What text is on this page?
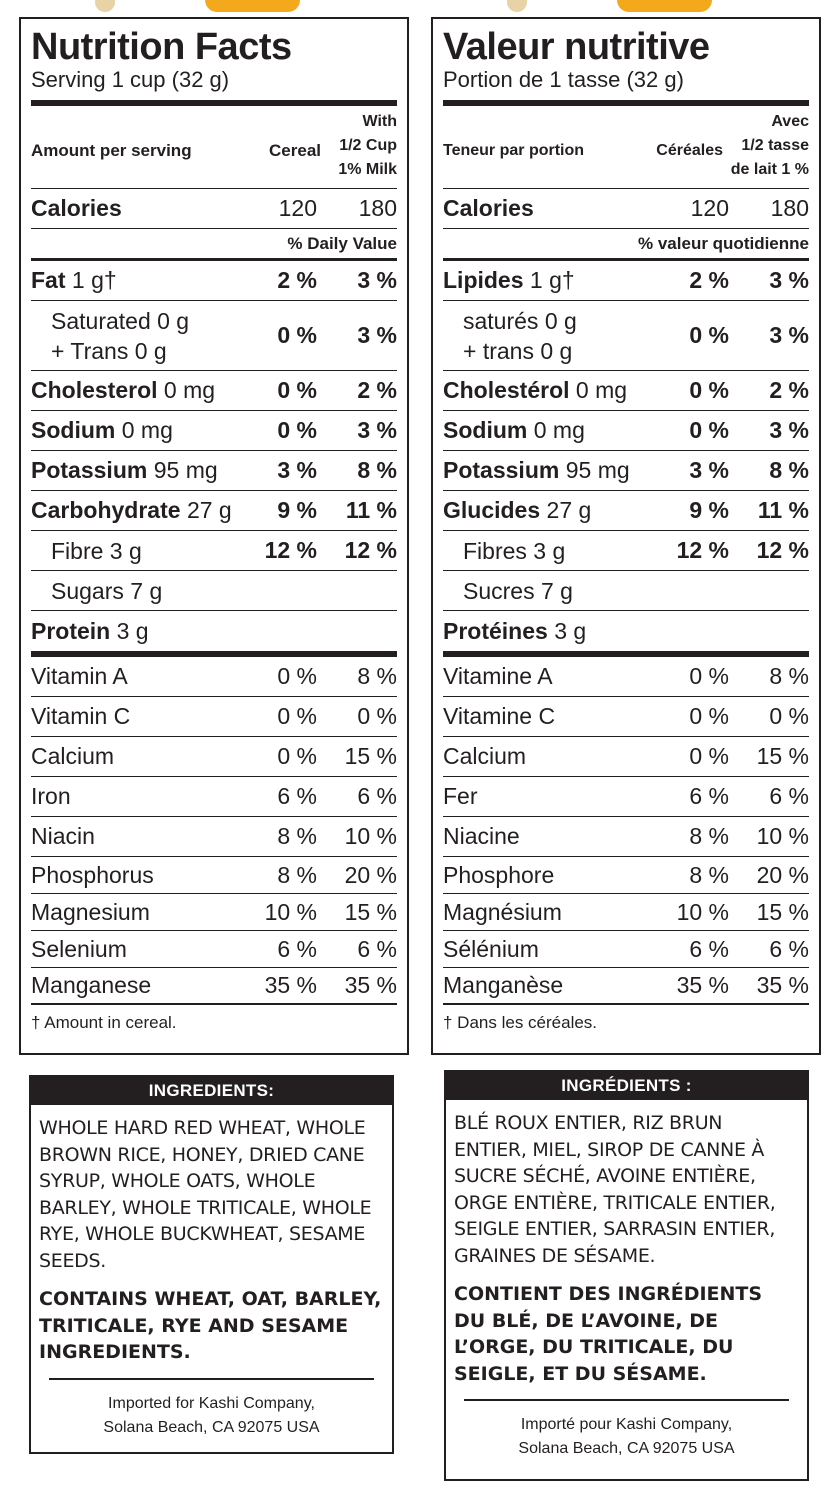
Nutrition Facts
Serving 1 cup (32 g)
Amount per serving	Cereal
With
1/2 Cup
1% Milk
Calories	120	180
% Daily Value
Fat 1 g†	2 %	3 %
Saturated 0 g
+ Trans 0 g
0 %	3 %
Cholesterol 0 mg	0 %	2 %
Sodium 0 mg	0 %	3 %
Potassium 95 mg	3 %	8 %
Carbohydrate 27 g	9 %	11 %
Fibre 3 g	12 %	12 %
Sugars 7 g
Protein 3 g
Vitamin A	0 %	8 %
Vitamin C	0 %	0 %
Calcium	0 %	15 %
Iron	6 %	6 %
Niacin	8 %	10 %
Phosphorus	8 %	20 %
Magnesium	10 %	15 %
Selenium	6 %	6 %
Manganese	35 %	35 %
† Amount in cereal.
Valeur nutritive
Portion de 1 tasse (32 g)
Teneur par portion	Céréales
Avec
1/2 tasse
de lait 1 %
Calories	120	180
% valeur quotidienne
Lipides 1 g†	2 %	3 %
saturés 0 g
+ trans 0 g
0 %	3 %
Cholestérol 0 mg	0 %	2 %
Sodium 0 mg	0 %	3 %
Potassium 95 mg	3 %	8 %
Glucides 27 g	9 %	11 %
Fibres 3 g	12 %	12 %
Sucres 7 g
Protéines 3 g
Vitamine A	0 %	8 %
Vitamine C	0 %	0 %
Calcium	0 %	15 %
Fer	6 %	6 %
Niacine	8 %	10 %
Phosphore	8 %	20 %
Magnésium	10 %	15 %
Sélénium	6 %	6 %
Manganèse	35 %	35 %
† Dans les céréales.
INGREDIENTS:
WHOLE HARD RED WHEAT, WHOLE BROWN RICE, HONEY, DRIED CANE SYRUP, WHOLE OATS, WHOLE BARLEY, WHOLE TRITICALE, WHOLE RYE, WHOLE BUCKWHEAT, SESAME SEEDS.
CONTAINS WHEAT, OAT, BARLEY, TRITICALE, RYE AND SESAME INGREDIENTS.
Imported for Kashi Company,
Solana Beach, CA 92075 USA
INGRÉDIENTS :
BLÉ ROUX ENTIER, RIZ BRUN ENTIER, MIEL, SIROP DE CANNE À SUCRE SÉCHÉ, AVOINE ENTIÈRE, ORGE ENTIÈRE, TRITICALE ENTIER, SEIGLE ENTIER, SARRASIN ENTIER, GRAINES DE SÉSAME.
CONTIENT DES INGRÉDIENTS DU BLÉ, DE L’AVOINE, DE L’ORGE, DU TRITICALE, DU SEIGLE, ET DU SÉSAME.
Importé pour Kashi Company,
Solana Beach, CA 92075 USA
